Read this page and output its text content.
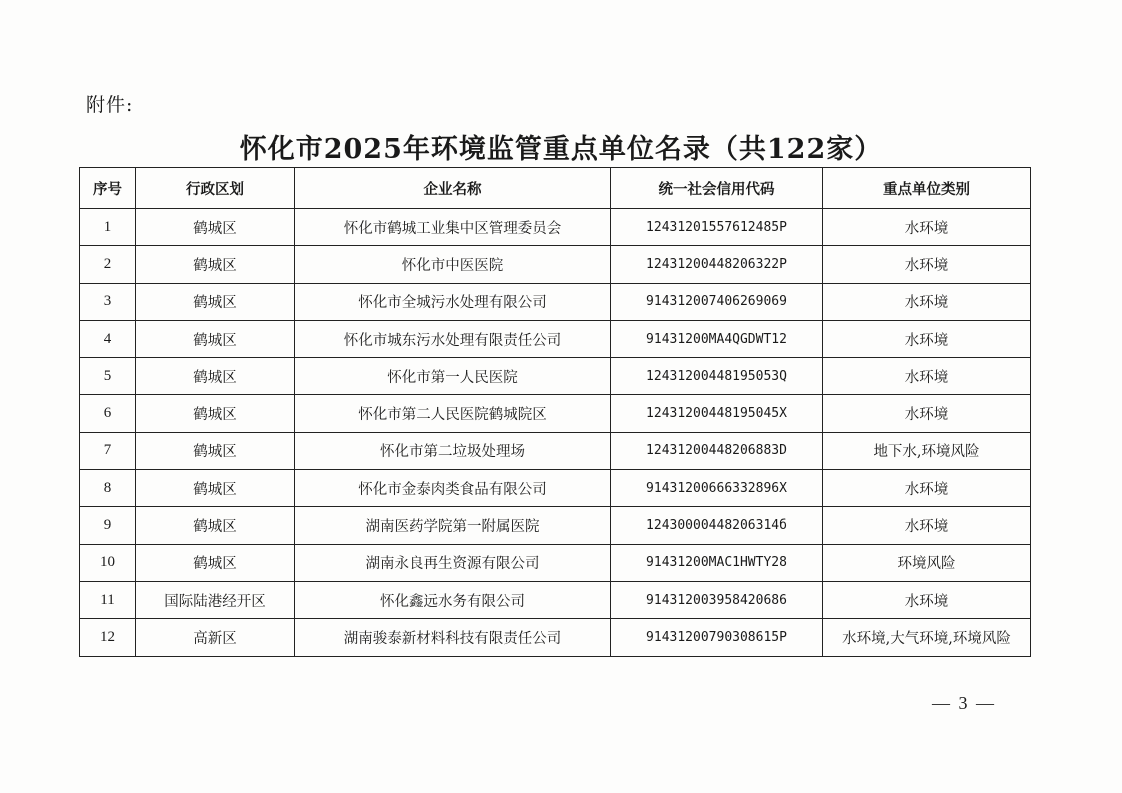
附件:
怀化市2025年环境监管重点单位名录（共122家）
序号	行政区划	企业名称	统一社会信用代码	重点单位类别
1	鹤城区	怀化市鹤城工业集中区管理委员会	12431201557612485P	水环境
2	鹤城区	怀化市中医医院	12431200448206322P	水环境
3	鹤城区	怀化市全城污水处理有限公司	914312007406269069	水环境
4	鹤城区	怀化市城东污水处理有限责任公司	91431200MA4QGDWT12	水环境
5	鹤城区	怀化市第一人民医院	12431200448195053Q	水环境
6	鹤城区	怀化市第二人民医院鹤城院区	12431200448195045X	水环境
7	鹤城区	怀化市第二垃圾处理场	12431200448206883D	地下水,环境风险
8	鹤城区	怀化市金泰肉类食品有限公司	91431200666332896X	水环境
9	鹤城区	湖南医药学院第一附属医院	12430000448206314б	水环境
10	鹤城区	湖南永良再生资源有限公司	91431200MAC1HWTY28	环境风险
11	国际陆港经开区	怀化鑫远水务有限公司	914312003958420686	水环境
12	高新区	湖南骏泰新材料科技有限责任公司	91431200790308615P	水环境,大气环境,环境风险
— 3 —
